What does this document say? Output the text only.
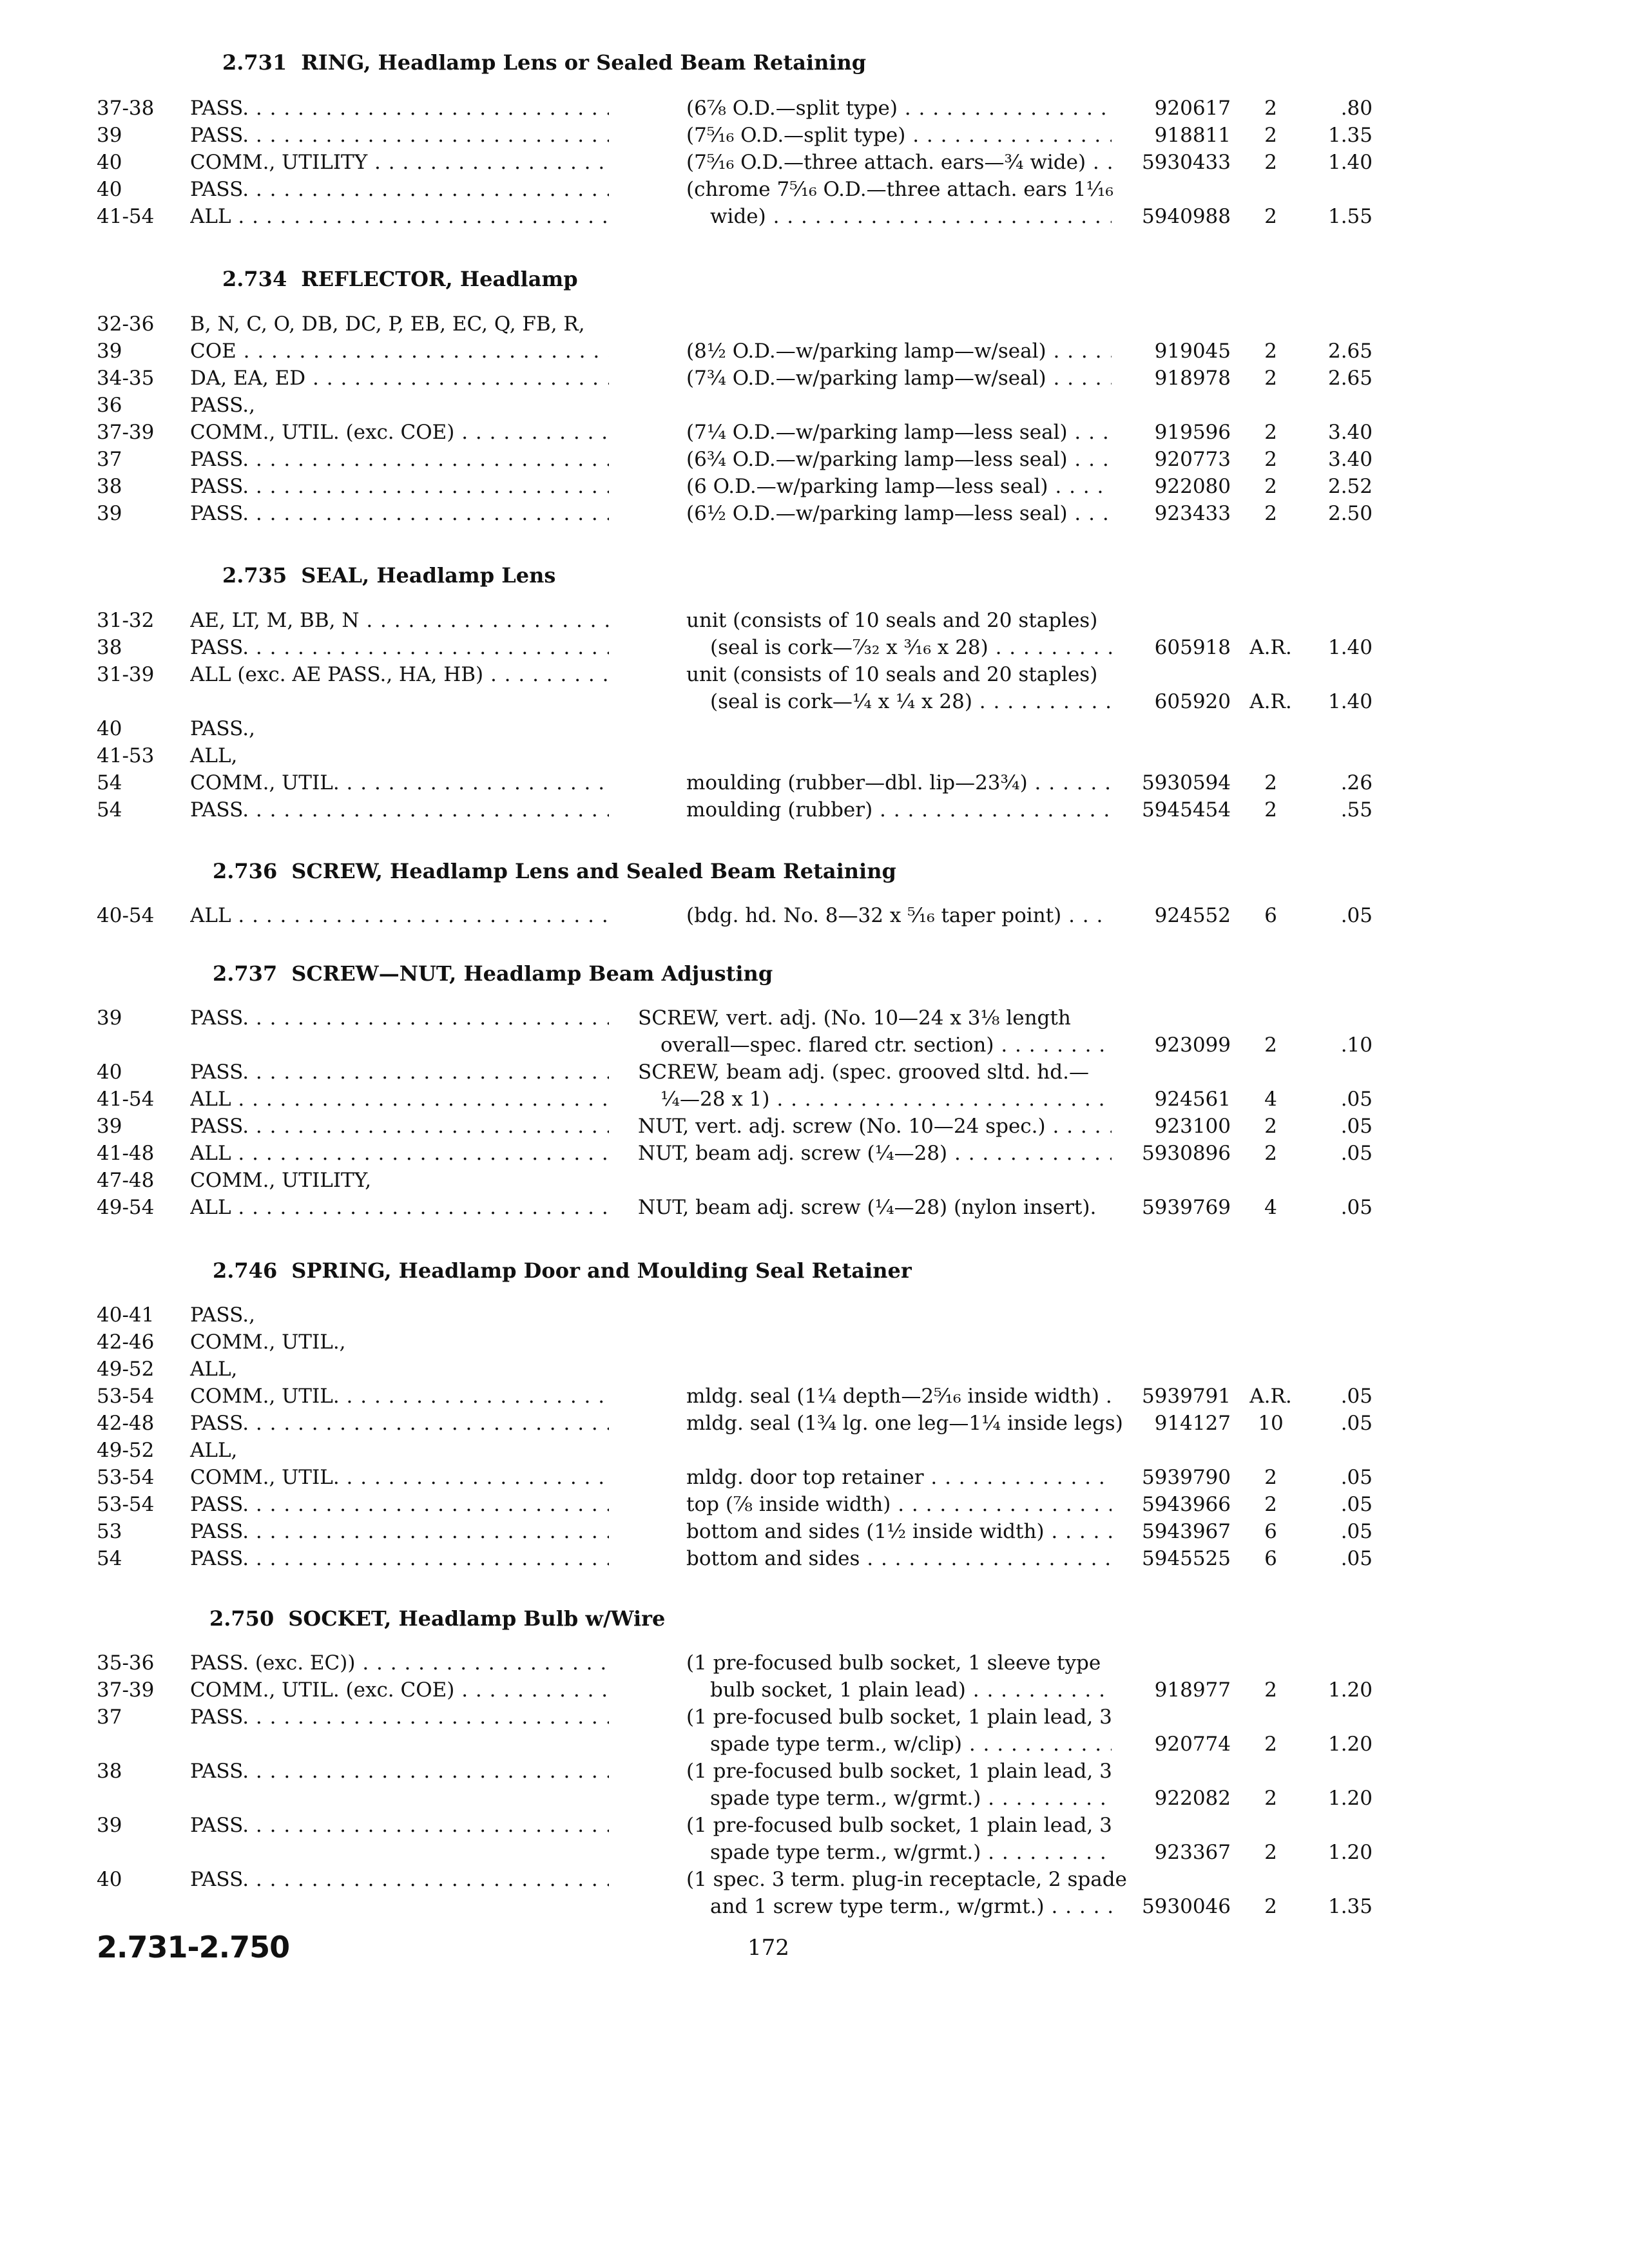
2.731 RING, Headlamp Lens or Sealed Beam Retaining
37-38 PASS. . . .	(6⅞ O.D.—split type) . . .	920617	2	.80
39	PASS. . . .	(7⁵⁄₁₆ O.D.—split type) . . .	918811	2	1.35
40	COMM., UTILITY . . .	(7⁵⁄₁₆ O.D.—three attach. ears—¾ wide) . . .	5930433	2	1.40
40	PASS. . . .	(chrome 7⁵⁄₁₆ O.D.—three attach. ears 1¹⁄₁₆
41-54 ALL . . .	wide) . . .	5940988	2	1.55
2.734 REFLECTOR, Headlamp
32-36 B, N, C, O, DB, DC, P, EB, EC, Q, FB, R,
39	COE . . .	(8½ O.D.—w/parking lamp—w/seal) . . .	919045	2	2.65
34-35 DA, EA, ED . . .	(7¾ O.D.—w/parking lamp—w/seal) . . .	918978	2	2.65
36	PASS.,
37-39 COMM., UTIL. (exc. COE) . . .	(7¼ O.D.—w/parking lamp—less seal) . . .	919596	2	3.40
37	PASS. . . .	(6¾ O.D.—w/parking lamp—less seal) . . .	920773	2	3.40
38	PASS. . . .	(6 O.D.—w/parking lamp—less seal) . . .	922080	2	2.52
39	PASS. . . .	(6½ O.D.—w/parking lamp—less seal) . . .	923433	2	2.50
2.735 SEAL, Headlamp Lens
31-32 AE, LT, M, BB, N . . .	unit (consists of 10 seals and 20 staples)
38	PASS. . . .	(seal is cork—⁷⁄₃₂ x ³⁄₁₆ x 28) . . .	605918 A.R.	1.40
31-39 ALL (exc. AE PASS., HA, HB) . . .	unit (consists of 10 seals and 20 staples)
(seal is cork—¼ x ¼ x 28) . . .	605920 A.R.	1.40
40	PASS.,
41-53 ALL,
54	COMM., UTIL. . . .	moulding (rubber—dbl. lip—23¾) . . .	5930594	2	.26
54	PASS. . . .	moulding (rubber) . . .	5945454	2	.55
2.736 SCREW, Headlamp Lens and Sealed Beam Retaining
40-54 ALL . . .	(bdg. hd. No. 8—32 x ⁵⁄₁₆ taper point) . . .	924552	6	.05
2.737 SCREW—NUT, Headlamp Beam Adjusting
39	PASS. . . .	SCREW, vert. adj. (No. 10—24 x 3⅛ length
overall—spec. flared ctr. section) . . .	923099	2	.10
40	PASS. . . .	SCREW, beam adj. (spec. grooved sltd. hd.—
41-54 ALL . . .	¼—28 x 1) . . .	924561	4	.05
39	PASS. . . .	NUT, vert. adj. screw (No. 10—24 spec.) . . .	923100	2	.05
41-48 ALL . . .	NUT, beam adj. screw (¼—28) . . .	5930896	2	.05
47-48 COMM., UTILITY,
49-54 ALL . . .	NUT, beam adj. screw (¼—28) (nylon insert).	5939769	4	.05
2.746 SPRING, Headlamp Door and Moulding Seal Retainer
40-41 PASS.,
42-46 COMM., UTIL.,
49-52 ALL,
53-54 COMM., UTIL. . . .	mldg. seal (1¼ depth—2⁵⁄₁₆ inside width) .	5939791 A.R.	.05
42-48 PASS. . . .	mldg. seal (1¾ lg. one leg—1¼ inside legs)	914127	10	.05
49-52 ALL,
53-54 COMM., UTIL. . . .	mldg. door top retainer . . .	5939790	2	.05
53-54 PASS. . . .	top (⅞ inside width) . . .	5943966	2	.05
53	PASS. . . .	bottom and sides (1½ inside width) . . .	5943967	6	.05
54	PASS. . . .	bottom and sides . . .	5945525	6	.05
2.750 SOCKET, Headlamp Bulb w/Wire
35-36 PASS. (exc. EC)) . . .	(1 pre-focused bulb socket, 1 sleeve type
37-39 COMM., UTIL. (exc. COE) . . .	bulb socket, 1 plain lead) . . .	918977	2	1.20
37	PASS. . . .	(1 pre-focused bulb socket, 1 plain lead, 3
spade type term., w/clip) . . .	920774	2	1.20
38	PASS. . . .	(1 pre-focused bulb socket, 1 plain lead, 3
spade type term., w/grmt.) . . .	922082	2	1.20
39	PASS. . . .	(1 pre-focused bulb socket, 1 plain lead, 3
spade type term., w/grmt.) . . .	923367	2	1.20
40	PASS. . . .	(1 spec. 3 term. plug-in receptacle, 2 spade
and 1 screw type term., w/grmt.) . . .	5930046	2	1.35
2.731-2.750	172
